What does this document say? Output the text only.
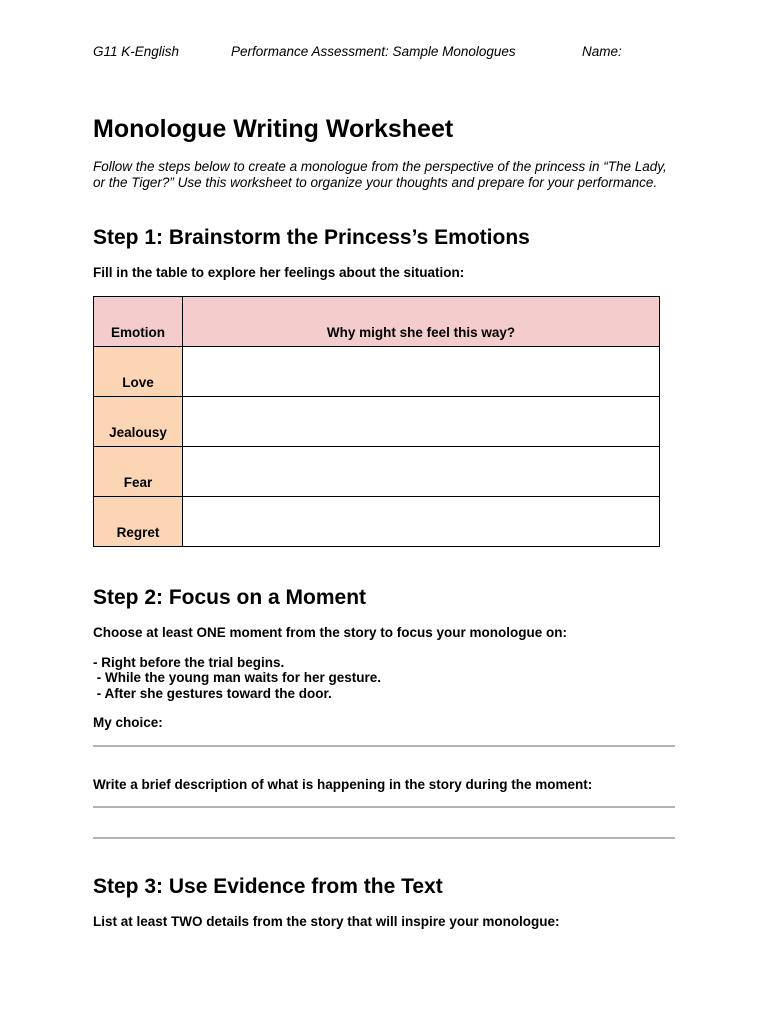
G11 K-English	Performance Assessment: Sample Monologues	Name:
Monologue Writing Worksheet

Follow the steps below to create a monologue from the perspective of the princess in “The Lady, or the Tiger?” Use this worksheet to organize your thoughts and prepare for your performance.

Step 1: Brainstorm the Princess’s Emotions

Fill in the table to explore her feelings about the situation:

Emotion	Why might she feel this way?
Love	
Jealousy	
Fear	
Regret	
Step 2: Focus on a Moment

Choose at least ONE moment from the story to focus your monologue on:

- Right before the trial begins.

- While the young man waits for her gesture.

- After she gestures toward the door.

My choice:

Write a brief description of what is happening in the story during the moment:

Step 3: Use Evidence from the Text

List at least TWO details from the story that will inspire your monologue:
